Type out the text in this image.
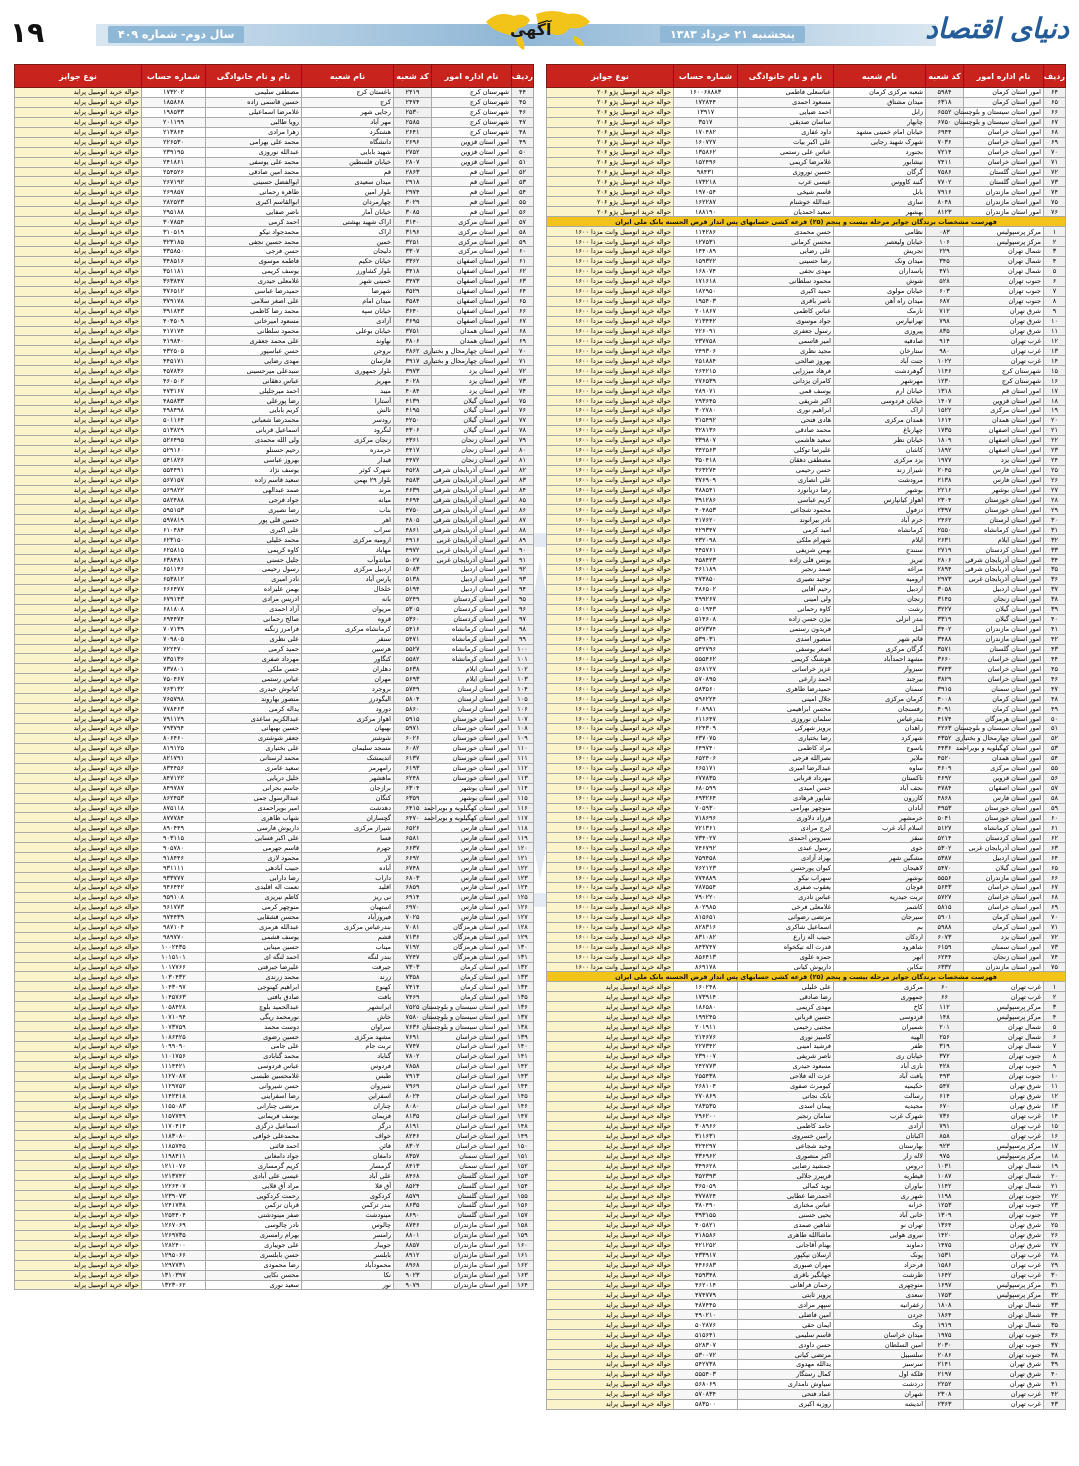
۱۹	سال دوم- شماره ۴۰۹	آگهی	پنجشنبه ۲۱ خرداد ۱۳۸۳	دنیای اقتصاد
ردیف	نام اداره امور	کد شعبه	نام شعبه	نام و نام خانوادگی	شماره حساب	نوع جوایز
۶۴	امور استان کرمان	۵۹۸۴	شعبه مرکزی کرمان	عباسعلی فاطمی	۱۶۰۰۶۸۸۸۳	حواله خرید اتومبیل پژو ۲۰۶
۶۵	امور استان کرمان	۶۳۱۸	میدان مشتاق	مسعود احمدی	۱۷۲۸۴۴	حواله خرید اتومبیل پژو ۲۰۶
۶۶	امور استان سیستان و بلوچستان	۶۵۵۲	زابل	احمد ضیایی	۱۳۹۱۷	حواله خرید اتومبیل پژو ۲۰۶
۶۷	امور استان سیستان و بلوچستان	۶۷۵۰	چابهار	ساسان صدیقی	۳۵۱۷	حواله خرید اتومبیل پژو ۲۰۶
۶۸	امور استان خراسان	۶۹۴۴	خیابان امام خمینی مشهد	داود غفاری	۱۷۰۴۸۲	حواله خرید اتومبیل پژو ۲۰۶
۶۹	امور استان خراسان	۷۰۳۶	شهرک شهید رجایی	علی اکبر بیات	۱۶۰۷۲۷	حواله خرید اتومبیل پژو ۲۰۶
۷۰	امور استان خراسان	۷۲۱۴	بجنورد	عباس علی رستمی	۱۳۵۸۶۲	حواله خرید اتومبیل پژو ۲۰۶
۷۱	امور استان خراسان	۷۴۱۱	نیشابور	غلامرضا کریمی	۱۵۲۴۹۶	حواله خرید اتومبیل پژو ۲۰۶
۷۲	امور استان گلستان	۷۵۸۶	گرگان	حسین نوروزی	۹۸۴۳۱	حواله خرید اتومبیل پژو ۲۰۶
۷۳	امور استان گلستان	۷۷۰۲	گنبد کاووس	عیسی عرب	۱۷۳۲۱۸	حواله خرید اتومبیل پژو ۲۰۶
۷۴	امور استان مازندران	۷۹۱۶	بابل	قاسم شیخی	۱۹۷۰۵۴	حواله خرید اتومبیل پژو ۲۰۶
۷۵	امور استان مازندران	۸۰۴۸	ساری	عبدالله خوشنام	۱۶۲۲۸۷	حواله خرید اتومبیل پژو ۲۰۶
۷۶	امور استان مازندران	۸۱۲۳	بهشهر	سعید احمدیان	۱۸۸۱۹۰	حواله خرید اتومبیل پژو ۲۰۶
فهرست مشخصات برندگان جوایز مرحله بیست و پنجم (۲۵) قرعه کشی حسابهای پس انداز قرض الحسنه بانک ملی ایران						
۱	مرکز پرسپولیس	۰۸۳	نظامی	حسن محمدی	۱۱۴۲۸۶	حواله خرید اتومبیل وانت مزدا ۱۶۰۰
۲	مرکز پرسپولیس	۱۰۶	خیابان ولیعصر	محسن کرمانی	۱۲۷۵۳۱	حواله خرید اتومبیل وانت مزدا ۱۶۰۰
۳	شمال تهران	۲۲۹	تجریش	علی رضایی	۱۴۴۰۸۹	حواله خرید اتومبیل وانت مزدا ۱۶۰۰
۴	شمال تهران	۳۴۵	میدان ونک	رضا حسینی	۱۵۹۳۲۲	حواله خرید اتومبیل وانت مزدا ۱۶۰۰
۵	شمال تهران	۴۷۱	پاسداران	مهدی نجفی	۱۶۸۰۷۴	حواله خرید اتومبیل وانت مزدا ۱۶۰۰
۶	جنوب تهران	۵۲۸	شوش	محمود سلطانی	۱۷۱۶۱۸	حواله خرید اتومبیل وانت مزدا ۱۶۰۰
۷	جنوب تهران	۶۰۳	خیابان مولوی	حمید اکبری	۱۸۲۹۵۰	حواله خرید اتومبیل وانت مزدا ۱۶۰۰
۸	جنوب تهران	۶۸۷	میدان راه آهن	ناصر باقری	۱۹۵۴۰۳	حواله خرید اتومبیل وانت مزدا ۱۶۰۰
۹	شرق تهران	۷۱۲	نارمک	عباس کاظمی	۲۰۱۸۶۷	حواله خرید اتومبیل وانت مزدا ۱۶۰۰
۱۰	شرق تهران	۷۹۸	تهرانپارس	جواد موسوی	۲۱۳۴۴۲	حواله خرید اتومبیل وانت مزدا ۱۶۰۰
۱۱	شرق تهران	۸۳۵	پیروزی	رسول جعفری	۲۲۶۰۹۱	حواله خرید اتومبیل وانت مزدا ۱۶۰۰
۱۲	غرب تهران	۹۱۴	صادقیه	امیر قاسمی	۲۳۷۷۵۸	حواله خرید اتومبیل وانت مزدا ۱۶۰۰
۱۳	غرب تهران	۹۸۰	ستارخان	مجید نظری	۲۴۹۳۰۶	حواله خرید اتومبیل وانت مزدا ۱۶۰۰
۱۴	غرب تهران	۱۰۲۲	جنت آباد	بهروز صالحی	۲۵۱۸۸۴	حواله خرید اتومبیل وانت مزدا ۱۶۰۰
۱۵	شهرستان کرج	۱۱۴۶	گوهردشت	فرهاد میرزایی	۲۶۴۲۱۵	حواله خرید اتومبیل وانت مزدا ۱۶۰۰
۱۶	شهرستان کرج	۱۲۳۰	مهرشهر	کامران یزدانی	۲۷۶۵۳۹	حواله خرید اتومبیل وانت مزدا ۱۶۰۰
۱۷	امور استان قم	۱۳۱۸	خیابان ارم	یوسف قمی	۲۸۹۰۷۱	حواله خرید اتومبیل وانت مزدا ۱۶۰۰
۱۸	امور استان قزوین	۱۴۰۷	خیابان فردوسی	اکبر شریفی	۲۹۳۶۴۵	حواله خرید اتومبیل وانت مزدا ۱۶۰۰
۱۹	امور استان مرکزی	۱۵۲۲	اراک	ابراهیم نوری	۳۰۲۷۸۰	حواله خرید اتومبیل وانت مزدا ۱۶۰۰
۲۰	امور استان همدان	۱۶۱۴	همدان مرکزی	هادی فتحی	۳۱۵۴۹۲	حواله خرید اتومبیل وانت مزدا ۱۶۰۰
۲۱	امور استان اصفهان	۱۷۳۵	چهارباغ	محمد صادقی	۳۲۸۱۳۶	حواله خرید اتومبیل وانت مزدا ۱۶۰۰
۲۲	امور استان اصفهان	۱۸۰۹	خیابان نظر	سعید هاشمی	۳۳۹۸۰۷	حواله خرید اتومبیل وانت مزدا ۱۶۰۰
۲۳	امور استان اصفهان	۱۸۹۲	کاشان	علیرضا توکلی	۳۴۲۵۶۳	حواله خرید اتومبیل وانت مزدا ۱۶۰۰
۲۴	امور استان یزد	۱۹۷۷	یزد مرکزی	مصطفی دهقان	۳۵۰۴۱۸	حواله خرید اتومبیل وانت مزدا ۱۶۰۰
۲۵	امور استان فارس	۲۰۴۵	شیراز زند	حسن رحیمی	۳۶۳۲۷۴	حواله خرید اتومبیل وانت مزدا ۱۶۰۰
۲۶	امور استان فارس	۲۱۳۸	مرودشت	علی انصاری	۳۷۶۹۰۹	حواله خرید اتومبیل وانت مزدا ۱۶۰۰
۲۷	امور استان بوشهر	۲۲۱۶	بوشهر	رضا دریانورد	۳۸۸۵۴۱	حواله خرید اتومبیل وانت مزدا ۱۶۰۰
۲۸	امور استان خوزستان	۲۳۰۴	اهواز کیانپارس	کریم عباسی	۳۹۱۲۸۶	حواله خرید اتومبیل وانت مزدا ۱۶۰۰
۲۹	امور استان خوزستان	۲۳۹۷	دزفول	محمود شجاعی	۴۰۴۸۵۳	حواله خرید اتومبیل وانت مزدا ۱۶۰۰
۳۰	امور استان لرستان	۲۴۶۲	خرم آباد	نادر بیرانوند	۴۱۷۶۲۰	حواله خرید اتومبیل وانت مزدا ۱۶۰۰
۳۱	امور استان کرمانشاه	۲۵۵۰	کرمانشاه	امید کرمی	۴۲۹۳۴۷	حواله خرید اتومبیل وانت مزدا ۱۶۰۰
۳۲	امور استان ایلام	۲۶۳۱	ایلام	شهرام ملکی	۴۳۲۰۹۸	حواله خرید اتومبیل وانت مزدا ۱۶۰۰
۳۳	امور استان کردستان	۲۷۱۹	سنندج	بهمن شریفی	۴۴۵۷۶۱	حواله خرید اتومبیل وانت مزدا ۱۶۰۰
۳۴	امور استان آذربایجان شرقی	۲۸۰۶	تبریز	یونس قلی زاده	۴۵۸۴۲۳	حواله خرید اتومبیل وانت مزدا ۱۶۰۰
۳۵	امور استان آذربایجان شرقی	۲۸۹۴	مراغه	صمد رنجبر	۴۶۱۱۸۹	حواله خرید اتومبیل وانت مزدا ۱۶۰۰
۳۶	امور استان آذربایجان غربی	۲۹۷۳	ارومیه	توحید نصیری	۴۷۳۸۵۰	حواله خرید اتومبیل وانت مزدا ۱۶۰۰
۳۷	امور استان اردبیل	۳۰۵۸	اردبیل	رحیم آقایی	۴۸۶۵۰۲	حواله خرید اتومبیل وانت مزدا ۱۶۰۰
۳۸	امور استان زنجان	۳۱۴۵	زنجان	ولی امینی	۴۹۹۲۶۷	حواله خرید اتومبیل وانت مزدا ۱۶۰۰
۳۹	امور استان گیلان	۳۲۲۷	رشت	کاوه رحمانی	۵۰۱۹۴۳	حواله خرید اتومبیل وانت مزدا ۱۶۰۰
۴۰	امور استان گیلان	۳۳۱۹	بندر انزلی	بیژن حسن زاده	۵۱۴۶۰۸	حواله خرید اتومبیل وانت مزدا ۱۶۰۰
۴۱	امور استان مازندران	۳۴۰۲	آمل	فریدون رستمی	۵۲۷۳۷۴	حواله خرید اتومبیل وانت مزدا ۱۶۰۰
۴۲	امور استان مازندران	۳۴۸۸	قائم شهر	منصور اسدی	۵۳۹۰۳۱	حواله خرید اتومبیل وانت مزدا ۱۶۰۰
۴۳	امور استان گلستان	۳۵۷۱	گرگان مرکزی	اصغر یوسفی	۵۴۲۷۹۶	حواله خرید اتومبیل وانت مزدا ۱۶۰۰
۴۴	امور استان خراسان	۳۶۶۰	مشهد احمدآباد	هوشنگ کریمی	۵۵۵۴۶۲	حواله خرید اتومبیل وانت مزدا ۱۶۰۰
۴۵	امور استان خراسان	۳۷۴۳	سبزوار	عزیز خراسانی	۵۶۸۱۲۷	حواله خرید اتومبیل وانت مزدا ۱۶۰۰
۴۶	امور استان خراسان	۳۸۲۹	بیرجند	احمد زارعی	۵۷۰۸۹۵	حواله خرید اتومبیل وانت مزدا ۱۶۰۰
۴۷	امور استان سمنان	۳۹۱۵	سمنان	حمیدرضا طاهری	۵۸۳۵۶۰	حواله خرید اتومبیل وانت مزدا ۱۶۰۰
۴۸	امور استان کرمان	۴۰۰۸	کرمان مرکزی	جلال امینی	۵۹۶۲۲۴	حواله خرید اتومبیل وانت مزدا ۱۶۰۰
۴۹	امور استان کرمان	۴۰۹۱	رفسنجان	محسن ابراهیمی	۶۰۸۹۸۱	حواله خرید اتومبیل وانت مزدا ۱۶۰۰
۵۰	امور استان هرمزگان	۴۱۷۴	بندرعباس	سلمان نوروزی	۶۱۱۶۴۷	حواله خرید اتومبیل وانت مزدا ۱۶۰۰
۵۱	امور استان سیستان و بلوچستان	۴۲۶۳	زاهدان	پرویز شهرکی	۶۲۴۳۰۹	حواله خرید اتومبیل وانت مزدا ۱۶۰۰
۵۲	امور استان چهارمحال و بختیاری	۴۳۵۲	شهرکرد	رضا بختیاری	۶۳۷۰۷۵	حواله خرید اتومبیل وانت مزدا ۱۶۰۰
۵۳	امور استان کهگیلویه و بویراحمد	۴۴۳۶	یاسوج	مراد کاظمی	۶۴۹۷۴۰	حواله خرید اتومبیل وانت مزدا ۱۶۰۰
۵۴	امور استان همدان	۴۵۲۰	ملایر	نصرالله فرجی	۶۵۲۴۰۶	حواله خرید اتومبیل وانت مزدا ۱۶۰۰
۵۵	امور استان مرکزی	۴۶۰۹	ساوه	عبدالرضا امیری	۶۶۵۱۷۱	حواله خرید اتومبیل وانت مزدا ۱۶۰۰
۵۶	امور استان قزوین	۴۶۹۲	تاکستان	مهرداد قربانی	۶۷۷۸۳۵	حواله خرید اتومبیل وانت مزدا ۱۶۰۰
۵۷	امور استان اصفهان	۴۷۸۴	نجف آباد	حسن امیدی	۶۸۰۵۹۹	حواله خرید اتومبیل وانت مزدا ۱۶۰۰
۵۸	امور استان فارس	۴۸۶۸	کازرون	شاپور فرهادی	۶۹۳۲۶۴	حواله خرید اتومبیل وانت مزدا ۱۶۰۰
۵۹	امور استان خوزستان	۴۹۵۳	آبادان	منوچهر بهرامی	۷۰۵۹۳۰	حواله خرید اتومبیل وانت مزدا ۱۶۰۰
۶۰	امور استان خوزستان	۵۰۴۱	خرمشهر	فرزاد دلاوری	۷۱۸۶۹۶	حواله خرید اتومبیل وانت مزدا ۱۶۰۰
۶۱	امور استان کرمانشاه	۵۱۲۷	اسلام آباد غرب	ایرج مرادی	۷۲۱۳۶۱	حواله خرید اتومبیل وانت مزدا ۱۶۰۰
۶۲	امور استان کردستان	۵۲۱۴	سقز	سیروس احمدی	۷۳۴۰۲۷	حواله خرید اتومبیل وانت مزدا ۱۶۰۰
۶۳	امور استان آذربایجان غربی	۵۳۰۲	خوی	رسول عبدی	۷۴۶۷۹۲	حواله خرید اتومبیل وانت مزدا ۱۶۰۰
۶۴	امور استان اردبیل	۵۳۸۷	مشگین شهر	بهزاد آزادی	۷۵۹۴۵۸	حواله خرید اتومبیل وانت مزدا ۱۶۰۰
۶۵	امور استان گیلان	۵۴۷۰	لاهیجان	کیوان پورحسن	۷۶۲۱۲۳	حواله خرید اتومبیل وانت مزدا ۱۶۰۰
۶۶	امور استان مازندران	۵۵۵۶	نوشهر	سهراب نیکو	۷۷۴۸۸۹	حواله خرید اتومبیل وانت مزدا ۱۶۰۰
۶۷	امور استان خراسان	۵۶۴۳	قوچان	یعقوب صفری	۷۸۷۵۵۴	حواله خرید اتومبیل وانت مزدا ۱۶۰۰
۶۸	امور استان خراسان	۵۷۲۷	تربت حیدریه	عباس نادری	۷۹۰۲۲۰	حواله خرید اتومبیل وانت مزدا ۱۶۰۰
۶۹	امور استان خراسان	۵۸۱۵	کاشمر	غلامعلی فرخی	۸۰۲۹۸۵	حواله خرید اتومبیل وانت مزدا ۱۶۰۰
۷۰	امور استان کرمان	۵۹۰۱	سیرجان	مرتضی رضوانی	۸۱۵۶۵۱	حواله خرید اتومبیل وانت مزدا ۱۶۰۰
۷۱	امور استان کرمان	۵۹۸۸	بم	اسماعیل شاکری	۸۲۸۳۱۶	حواله خرید اتومبیل وانت مزدا ۱۶۰۰
۷۲	امور استان یزد	۶۰۷۳	اردکان	حبیب اله زارع	۸۳۱۰۸۲	حواله خرید اتومبیل وانت مزدا ۱۶۰۰
۷۳	امور استان سمنان	۶۱۵۹	شاهرود	قدرت اله نیکخواه	۸۴۳۷۴۷	حواله خرید اتومبیل وانت مزدا ۱۶۰۰
۷۴	امور استان زنجان	۶۲۴۴	ابهر	حمزه علوی	۸۵۶۴۱۳	حواله خرید اتومبیل وانت مزدا ۱۶۰۰
۷۵	امور استان مازندران	۶۳۳۲	تنکابن	داریوش کیانی	۸۶۹۱۷۸	حواله خرید اتومبیل وانت مزدا ۱۶۰۰
فهرست مشخصات برندگان جوایز مرحله بیست و پنجم (۲۵) قرعه کشی حسابهای پس انداز قرض الحسنه بانک ملی ایران						
۱	غرب تهران	۶۰	مرکزی	علی خلیلی	۱۶۰۲۴۸	حواله خرید اتومبیل پراید
۲	غرب تهران	۶۶	جمهوری	رضا صادقی	۱۷۳۹۱۴	حواله خرید اتومبیل پراید
۳	مرکز پرسپولیس	۱۱۲	کاخ	مهدی کریمی	۱۸۶۵۸۰	حواله خرید اتومبیل پراید
۴	مرکز پرسپولیس	۱۴۸	فردوسی	حسین قربانی	۱۹۹۲۴۵	حواله خرید اتومبیل پراید
۵	شمال تهران	۲۰۱	شمیران	مجتبی رحیمی	۲۰۱۹۱۱	حواله خرید اتومبیل پراید
۶	شمال تهران	۲۵۶	الهیه	کامبیز نوری	۲۱۴۶۷۶	حواله خرید اتومبیل پراید
۷	شمال تهران	۳۱۹	ظفر	فرشید امینی	۲۲۷۳۴۲	حواله خرید اتومبیل پراید
۸	جنوب تهران	۳۷۲	خیابان ری	ناصر شریفی	۲۳۹۰۰۷	حواله خرید اتومبیل پراید
۹	جنوب تهران	۴۲۸	نازی آباد	مسعود حیدری	۲۴۲۷۷۳	حواله خرید اتومبیل پراید
۱۰	جنوب تهران	۴۹۳	یافت آباد	عزت اله فلاحی	۲۵۵۴۳۸	حواله خرید اتومبیل پراید
۱۱	شرق تهران	۵۴۷	حکیمیه	کیومرث صفوی	۲۶۸۱۰۴	حواله خرید اتومبیل پراید
۱۲	شرق تهران	۶۱۴	رسالت	بابک نجاتی	۲۷۰۸۶۹	حواله خرید اتومبیل پراید
۱۳	شرق تهران	۶۷۰	مجیدیه	پیمان اسدی	۲۸۳۵۳۵	حواله خرید اتومبیل پراید
۱۴	غرب تهران	۷۳۶	شهرک غرب	سامان رنجبر	۲۹۶۲۰۰	حواله خرید اتومبیل پراید
۱۵	غرب تهران	۷۹۱	آزادی	حامد کاظمی	۳۰۸۹۶۶	حواله خرید اتومبیل پراید
۱۶	غرب تهران	۸۵۸	اکباتان	رامین خسروی	۳۱۱۶۳۱	حواله خرید اتومبیل پراید
۱۷	مرکز پرسپولیس	۹۲۳	بهارستان	وحید شجاعی	۳۲۴۲۹۷	حواله خرید اتومبیل پراید
۱۸	مرکز پرسپولیس	۹۷۵	لاله زار	اکبر منصوری	۳۳۶۹۶۲	حواله خرید اتومبیل پراید
۱۹	شمال تهران	۱۰۳۱	دروس	جمشید رضایی	۳۴۹۶۲۸	حواله خرید اتومبیل پراید
۲۰	شمال تهران	۱۰۸۷	قیطریه	فریبرز جلالی	۳۵۲۳۹۳	حواله خرید اتومبیل پراید
۲۱	شمال تهران	۱۱۴۲	نیاوران	نوید کمالی	۳۶۵۰۵۹	حواله خرید اتومبیل پراید
۲۲	جنوب تهران	۱۱۹۸	شهر ری	احمدرضا عطایی	۳۷۷۸۲۴	حواله خرید اتومبیل پراید
۲۳	جنوب تهران	۱۲۵۳	خزانه	عباس مختاری	۳۸۰۴۹۰	حواله خرید اتومبیل پراید
۲۴	جنوب تهران	۱۳۰۹	خانی آباد	یحیی حسنی	۳۹۳۱۵۵	حواله خرید اتومبیل پراید
۲۵	شرق تهران	۱۳۶۴	تهران نو	شاهین صمدی	۴۰۵۸۲۱	حواله خرید اتومبیل پراید
۲۶	شرق تهران	۱۴۲۰	نیروی هوایی	ماشاالله طاهری	۴۱۸۵۸۶	حواله خرید اتومبیل پراید
۲۷	شرق تهران	۱۴۷۵	دماوند	بهنام آقاجانی	۴۲۱۲۵۲	حواله خرید اتومبیل پراید
۲۸	غرب تهران	۱۵۳۱	پونک	ارسلان نیکپور	۴۳۳۹۱۷	حواله خرید اتومبیل پراید
۲۹	غرب تهران	۱۵۸۶	فرحزاد	مهران صبوری	۴۴۶۶۸۳	حواله خرید اتومبیل پراید
۳۰	غرب تهران	۱۶۴۲	طرشت	جهانگیر باقری	۴۵۹۳۴۸	حواله خرید اتومبیل پراید
۳۱	مرکز پرسپولیس	۱۶۹۷	منوچهری	رحمان فراهانی	۴۶۲۰۱۴	حواله خرید اتومبیل پراید
۳۲	مرکز پرسپولیس	۱۷۵۳	سعدی	پرویز ثابتی	۴۷۴۷۷۹	حواله خرید اتومبیل پراید
۳۳	شمال تهران	۱۸۰۸	زعفرانیه	سپهر مرادی	۴۸۷۴۴۵	حواله خرید اتومبیل پراید
۳۴	شمال تهران	۱۸۶۴	جردن	امین فاضلی	۴۹۰۲۱۰	حواله خرید اتومبیل پراید
۳۵	شمال تهران	۱۹۱۹	ونک	ایمان حقی	۵۰۲۸۷۶	حواله خرید اتومبیل پراید
۳۶	جنوب تهران	۱۹۷۵	میدان خراسان	قاسم سلیمی	۵۱۵۶۴۱	حواله خرید اتومبیل پراید
۳۷	جنوب تهران	۲۰۳۰	امین السلطان	حسن داودی	۵۲۸۳۰۷	حواله خرید اتومبیل پراید
۳۸	جنوب تهران	۲۰۸۶	سلسبیل	مرتضی کیانی	۵۳۰۰۷۲	حواله خرید اتومبیل پراید
۳۹	شرق تهران	۲۱۴۱	سرسبز	یدالله مهدوی	۵۴۲۷۳۸	حواله خرید اتومبیل پراید
۴۰	شرق تهران	۲۱۹۷	فلکه اول	کمال رستگار	۵۵۵۴۰۳	حواله خرید اتومبیل پراید
۴۱	شرق تهران	۲۲۵۲	دردشت	سیاوش نامداری	۵۶۸۰۶۹	حواله خرید اتومبیل پراید
۴۲	غرب تهران	۲۳۰۸	شهران	عماد فتحی	۵۷۰۸۳۴	حواله خرید اتومبیل پراید
۴۳	غرب تهران	۲۳۶۳	اندیشه	روزبه اکبری	۵۸۳۵۰۰	حواله خرید اتومبیل پراید
ردیف	نام اداره امور	کد شعبه	نام شعبه	نام و نام خانوادگی	شماره حساب	نوع جوایز
۴۴	شهرستان کرج	۲۴۱۹	باغستان کرج	مصطفی سلیمی	۱۷۳۲۰۲	حواله خرید اتومبیل پراید
۴۵	شهرستان کرج	۲۴۷۴	کرج	حسین قاسمی زاده	۱۸۵۸۶۸	حواله خرید اتومبیل پراید
۴۶	شهرستان کرج	۲۵۳۰	رجایی شهر	غلامرضا اسماعیلی	۱۹۸۵۳۳	حواله خرید اتومبیل پراید
۴۷	شهرستان کرج	۲۵۸۵	مهر آباد	رویا طالبی	۲۰۱۱۹۹	حواله خرید اتومبیل پراید
۴۸	شهرستان کرج	۲۶۴۱	هشتگرد	زهرا مرادی	۲۱۳۸۶۴	حواله خرید اتومبیل پراید
۴۹	امور استان قزوین	۲۶۹۶	دانشگاه	محمد علی بهرامی	۲۲۶۵۳۰	حواله خرید اتومبیل پراید
۵۰	امور استان قزوین	۲۷۵۲	شهید بابایی	عبدالله نوروزی	۲۳۹۱۹۵	حواله خرید اتومبیل پراید
۵۱	امور استان قزوین	۲۸۰۷	خیابان فلسطین	محمد علی یوسفی	۲۴۱۸۶۱	حواله خرید اتومبیل پراید
۵۲	امور استان قم	۲۸۶۳	قم	محمد امین صادقی	۲۵۴۵۲۶	حواله خرید اتومبیل پراید
۵۳	امور استان قم	۲۹۱۸	میدان سعیدی	ابوالفضل حسینی	۲۶۷۱۹۲	حواله خرید اتومبیل پراید
۵۴	امور استان قم	۲۹۷۴	بلوار امین	طاهره رحمانی	۲۶۹۸۵۷	حواله خرید اتومبیل پراید
۵۵	امور استان قم	۳۰۲۹	چهارمردان	ابوالقاسم اکبری	۲۸۲۵۲۳	حواله خرید اتومبیل پراید
۵۶	امور استان قم	۳۰۸۵	خیابان آمار	ناصر صفایی	۲۹۵۱۸۸	حواله خرید اتومبیل پراید
۵۷	امور استان مرکزی	۳۱۴۰	اراک شهید بهشتی	احمد کرمی	۳۰۷۸۵۴	حواله خرید اتومبیل پراید
۵۸	امور استان مرکزی	۳۱۹۶	اراک	محمدجواد نیکو	۳۱۰۵۱۹	حواله خرید اتومبیل پراید
۵۹	امور استان مرکزی	۳۲۵۱	خمین	محمد حسین نجفی	۳۲۳۱۸۵	حواله خرید اتومبیل پراید
۶۰	امور استان مرکزی	۳۳۰۷	دلیجان	حسن فرجی	۳۳۵۸۵۰	حواله خرید اتومبیل پراید
۶۱	امور استان اصفهان	۳۳۶۲	خیابان حکیم	فاطمه موسوی	۳۴۸۵۱۶	حواله خرید اتومبیل پراید
۶۲	امور استان اصفهان	۳۴۱۸	بلوار کشاورز	یوسف کریمی	۳۵۱۱۸۱	حواله خرید اتومبیل پراید
۶۳	امور استان اصفهان	۳۴۷۳	خمینی شهر	غلامعلی حیدری	۳۶۳۸۴۷	حواله خرید اتومبیل پراید
۶۴	امور استان اصفهان	۳۵۲۹	شهرضا	حمیدرضا عباسی	۳۷۶۵۱۲	حواله خرید اتومبیل پراید
۶۵	امور استان اصفهان	۳۵۸۴	میدان امام	علی اصغر سلامی	۳۷۹۱۷۸	حواله خرید اتومبیل پراید
۶۶	امور استان اصفهان	۳۶۴۰	خیابان سپه	محمد رضا کاظمی	۳۹۱۸۴۳	حواله خرید اتومبیل پراید
۶۷	امور استان اصفهان	۳۶۹۵	آزادی	مسعود امیرخانی	۴۰۴۵۰۹	حواله خرید اتومبیل پراید
۶۸	امور استان همدان	۳۷۵۱	خیابان بوعلی	محمود سلطانی	۴۱۷۱۷۴	حواله خرید اتومبیل پراید
۶۹	امور استان همدان	۳۸۰۶	نهاوند	علی محمد جعفری	۴۱۹۸۴۰	حواله خرید اتومبیل پراید
۷۰	امور استان چهارمحال و بختیاری	۳۸۶۲	بروجن	حسن عباسپور	۴۳۲۵۰۵	حواله خرید اتومبیل پراید
۷۱	امور استان چهارمحال و بختیاری	۳۹۱۷	فارسان	مهدی رضایی	۴۴۵۱۷۱	حواله خرید اتومبیل پراید
۷۲	امور استان یزد	۳۹۷۳	بلوار جمهوری	سیدعلی میرحسینی	۴۵۷۸۳۶	حواله خرید اتومبیل پراید
۷۳	امور استان یزد	۴۰۲۸	مهریز	عباس دهقانی	۴۶۰۵۰۲	حواله خرید اتومبیل پراید
۷۴	امور استان یزد	۴۰۸۴	میبد	احمد میرجلیلی	۴۷۳۱۶۷	حواله خرید اتومبیل پراید
۷۵	امور استان گیلان	۴۱۳۹	آستارا	رضا پورعلی	۴۸۵۸۳۳	حواله خرید اتومبیل پراید
۷۶	امور استان گیلان	۴۱۹۵	تالش	کریم بابایی	۴۹۸۴۹۸	حواله خرید اتومبیل پراید
۷۷	امور استان گیلان	۴۲۵۰	رودسر	محمدرضا شعبانی	۵۰۱۱۶۴	حواله خرید اتومبیل پراید
۷۸	امور استان گیلان	۴۳۰۶	لنگرود	اسماعیل قربانی	۵۱۳۸۲۹	حواله خرید اتومبیل پراید
۷۹	امور استان زنجان	۴۳۶۱	زنجان مرکزی	ولی الله محمدی	۵۲۶۴۹۵	حواله خرید اتومبیل پراید
۸۰	امور استان زنجان	۴۴۱۷	خرمدره	رحیم حسنلو	۵۲۹۱۶۰	حواله خرید اتومبیل پراید
۸۱	امور استان زنجان	۴۴۷۲	قیدار	بهروز عباسی	۵۴۱۸۲۶	حواله خرید اتومبیل پراید
۸۲	امور استان آذربایجان شرقی	۴۵۲۸	شهرک کوثر	یوسف نژاد	۵۵۴۴۹۱	حواله خرید اتومبیل پراید
۸۳	امور استان آذربایجان شرقی	۴۵۸۳	بلوار ۲۹ بهمن	سعید قاسم زاده	۵۶۷۱۵۷	حواله خرید اتومبیل پراید
۸۴	امور استان آذربایجان شرقی	۴۶۳۹	مرند	صمد عبدالهی	۵۶۹۸۲۲	حواله خرید اتومبیل پراید
۸۵	امور استان آذربایجان شرقی	۴۶۹۴	میانه	جواد فرجی	۵۸۲۴۸۸	حواله خرید اتومبیل پراید
۸۶	امور استان آذربایجان شرقی	۴۷۵۰	بناب	رضا نصیری	۵۹۵۱۵۳	حواله خرید اتومبیل پراید
۸۷	امور استان آذربایجان شرقی	۴۸۰۵	اهر	حسین قلی پور	۵۹۷۸۱۹	حواله خرید اتومبیل پراید
۸۸	امور استان آذربایجان شرقی	۴۸۶۱	سراب	علی اکبری	۶۱۰۴۸۴	حواله خرید اتومبیل پراید
۸۹	امور استان آذربایجان غربی	۴۹۱۶	ارومیه مرکزی	محمد خلیلی	۶۲۳۱۵۰	حواله خرید اتومبیل پراید
۹۰	امور استان آذربایجان غربی	۴۹۷۲	مهاباد	کاوه کریمی	۶۲۵۸۱۵	حواله خرید اتومبیل پراید
۹۱	امور استان آذربایجان غربی	۵۰۲۷	میاندوآب	جلیل حسنی	۶۳۸۴۸۱	حواله خرید اتومبیل پراید
۹۲	امور استان اردبیل	۵۰۸۳	اردبیل مرکزی	رسول رحیمی	۶۵۱۱۴۶	حواله خرید اتومبیل پراید
۹۳	امور استان اردبیل	۵۱۳۸	پارس آباد	نادر امیری	۶۵۳۸۱۲	حواله خرید اتومبیل پراید
۹۴	امور استان اردبیل	۵۱۹۴	خلخال	بهمن علیزاده	۶۶۶۴۷۷	حواله خرید اتومبیل پراید
۹۵	امور استان کردستان	۵۲۴۹	بانه	ادریس مرادی	۶۷۹۱۴۳	حواله خرید اتومبیل پراید
۹۶	امور استان کردستان	۵۳۰۵	مریوان	آزاد احمدی	۶۸۱۸۰۸	حواله خرید اتومبیل پراید
۹۷	امور استان کردستان	۵۳۶۰	قروه	صالح رحمانی	۶۹۴۴۷۴	حواله خرید اتومبیل پراید
۹۸	امور استان کرمانشاه	۵۴۱۶	کرمانشاه مرکزی	فرامرز زنگنه	۷۰۷۱۳۹	حواله خرید اتومبیل پراید
۹۹	امور استان کرمانشاه	۵۴۷۱	سنقر	علی نظری	۷۰۹۸۰۵	حواله خرید اتومبیل پراید
۱۰۰	امور استان کرمانشاه	۵۵۲۷	هرسین	حمید کرمی	۷۲۲۴۷۰	حواله خرید اتومبیل پراید
۱۰۱	امور استان کرمانشاه	۵۵۸۲	کنگاور	مهرداد صفری	۷۳۵۱۳۶	حواله خرید اتومبیل پراید
۱۰۲	امور استان ایلام	۵۶۳۸	دهلران	حسن ملکی	۷۳۷۸۰۱	حواله خرید اتومبیل پراید
۱۰۳	امور استان ایلام	۵۶۹۳	مهران	عباس رستمی	۷۵۰۴۶۷	حواله خرید اتومبیل پراید
۱۰۴	امور استان لرستان	۵۷۴۹	بروجرد	کیانوش حیدری	۷۶۳۱۳۲	حواله خرید اتومبیل پراید
۱۰۵	امور استان لرستان	۵۸۰۴	الیگودرز	منصور بهاروند	۷۶۵۷۹۸	حواله خرید اتومبیل پراید
۱۰۶	امور استان لرستان	۵۸۶۰	دورود	یداله کرمی	۷۷۸۴۶۳	حواله خرید اتومبیل پراید
۱۰۷	امور استان خوزستان	۵۹۱۵	اهواز مرکزی	عبدالکریم ساعدی	۷۹۱۱۲۹	حواله خرید اتومبیل پراید
۱۰۸	امور استان خوزستان	۵۹۷۱	بهبهان	حسین بهبهانی	۷۹۳۷۹۴	حواله خرید اتومبیل پراید
۱۰۹	امور استان خوزستان	۶۰۲۶	شوشتر	جعفر شوشتری	۸۰۶۴۶۰	حواله خرید اتومبیل پراید
۱۱۰	امور استان خوزستان	۶۰۸۲	مسجد سلیمان	علی بختیاری	۸۱۹۱۲۵	حواله خرید اتومبیل پراید
۱۱۱	امور استان خوزستان	۶۱۳۷	اندیمشک	محمد لرستانی	۸۲۱۷۹۱	حواله خرید اتومبیل پراید
۱۱۲	امور استان خوزستان	۶۱۹۳	رامهرمز	سعید عامری	۸۳۴۴۵۶	حواله خرید اتومبیل پراید
۱۱۳	امور استان خوزستان	۶۲۴۸	ماهشهر	خلیل دریایی	۸۴۷۱۲۲	حواله خرید اتومبیل پراید
۱۱۴	امور استان بوشهر	۶۳۰۴	برازجان	جاسم بحرانی	۸۴۹۷۸۷	حواله خرید اتومبیل پراید
۱۱۵	امور استان بوشهر	۶۳۵۹	کنگان	عبدالرسول جمی	۸۶۲۴۵۳	حواله خرید اتومبیل پراید
۱۱۶	امور استان کهگیلویه و بویراحمد	۶۴۱۵	دهدشت	امیر بویراحمدی	۸۷۵۱۱۸	حواله خرید اتومبیل پراید
۱۱۷	امور استان کهگیلویه و بویراحمد	۶۴۷۰	گچساران	شهاب طاهری	۸۷۷۷۸۴	حواله خرید اتومبیل پراید
۱۱۸	امور استان فارس	۶۵۲۶	شیراز مرکزی	داریوش فارسی	۸۹۰۴۴۹	حواله خرید اتومبیل پراید
۱۱۹	امور استان فارس	۶۵۸۱	فسا	علی اکبر فسایی	۹۰۳۱۱۵	حواله خرید اتومبیل پراید
۱۲۰	امور استان فارس	۶۶۳۷	جهرم	قاسم جهرمی	۹۰۵۷۸۰	حواله خرید اتومبیل پراید
۱۲۱	امور استان فارس	۶۶۹۲	لار	محمود لاری	۹۱۸۴۴۶	حواله خرید اتومبیل پراید
۱۲۲	امور استان فارس	۶۷۴۸	آباده	حبیب آبادهی	۹۳۱۱۱۱	حواله خرید اتومبیل پراید
۱۲۳	امور استان فارس	۶۸۰۳	داراب	رضا دارابی	۹۳۳۷۷۷	حواله خرید اتومبیل پراید
۱۲۴	امور استان فارس	۶۸۵۹	اقلید	نعمت اله اقلیدی	۹۴۶۴۴۲	حواله خرید اتومبیل پراید
۱۲۵	امور استان فارس	۶۹۱۴	نی ریز	کاظم نیریزی	۹۵۹۱۰۸	حواله خرید اتومبیل پراید
۱۲۶	امور استان فارس	۶۹۷۰	استهبان	منوچهر کرمی	۹۶۱۷۷۳	حواله خرید اتومبیل پراید
۱۲۷	امور استان فارس	۷۰۲۵	فیروزآباد	محسن قشقایی	۹۷۴۴۳۹	حواله خرید اتومبیل پراید
۱۲۸	امور استان هرمزگان	۷۰۸۱	بندرعباس مرکزی	عبدالله هرمزی	۹۸۷۱۰۴	حواله خرید اتومبیل پراید
۱۲۹	امور استان هرمزگان	۷۱۳۶	قشم	یوسف قشمی	۹۸۹۷۷۰	حواله خرید اتومبیل پراید
۱۳۰	امور استان هرمزگان	۷۱۹۲	میناب	حسین مینابی	۱۰۰۲۴۳۵	حواله خرید اتومبیل پراید
۱۳۱	امور استان هرمزگان	۷۲۴۷	بندر لنگه	احمد لنگه ای	۱۰۱۵۱۰۱	حواله خرید اتومبیل پراید
۱۳۲	امور استان کرمان	۷۳۰۳	جیرفت	علیرضا جیرفتی	۱۰۱۷۷۶۶	حواله خرید اتومبیل پراید
۱۳۳	امور استان کرمان	۷۳۵۸	زرند	محمد زرندی	۱۰۳۰۴۳۲	حواله خرید اتومبیل پراید
۱۳۴	امور استان کرمان	۷۴۱۴	کهنوج	ابراهیم کهنوجی	۱۰۴۳۰۹۷	حواله خرید اتومبیل پراید
۱۳۵	امور استان کرمان	۷۴۶۹	بافت	صادق بافتی	۱۰۴۵۷۶۳	حواله خرید اتومبیل پراید
۱۳۶	امور استان سیستان و بلوچستان	۷۵۲۵	ایرانشهر	عبدالحمید بلوچ	۱۰۵۸۴۲۸	حواله خرید اتومبیل پراید
۱۳۷	امور استان سیستان و بلوچستان	۷۵۸۰	خاش	نورمحمد ریگی	۱۰۷۱۰۹۴	حواله خرید اتومبیل پراید
۱۳۸	امور استان سیستان و بلوچستان	۷۶۳۶	سراوان	دوست محمد	۱۰۷۳۷۵۹	حواله خرید اتومبیل پراید
۱۳۹	امور استان خراسان	۷۶۹۱	مشهد مرکزی	حسین رضوی	۱۰۸۶۴۲۵	حواله خرید اتومبیل پراید
۱۴۰	امور استان خراسان	۷۷۴۷	تربت جام	علی جامی	۱۰۹۹۰۹۰	حواله خرید اتومبیل پراید
۱۴۱	امور استان خراسان	۷۸۰۲	گناباد	محمد گنابادی	۱۱۰۱۷۵۶	حواله خرید اتومبیل پراید
۱۴۲	امور استان خراسان	۷۸۵۸	فردوس	عباس فردوسی	۱۱۱۴۴۲۱	حواله خرید اتومبیل پراید
۱۴۳	امور استان خراسان	۷۹۱۳	طبس	غلامحسین طبسی	۱۱۲۷۰۸۷	حواله خرید اتومبیل پراید
۱۴۴	امور استان خراسان	۷۹۶۹	شیروان	حسن شیروانی	۱۱۲۹۷۵۲	حواله خرید اتومبیل پراید
۱۴۵	امور استان خراسان	۸۰۲۴	اسفراین	رضا اسفراینی	۱۱۴۲۴۱۸	حواله خرید اتومبیل پراید
۱۴۶	امور استان خراسان	۸۰۸۰	چناران	مرتضی چنارانی	۱۱۵۵۰۸۳	حواله خرید اتومبیل پراید
۱۴۷	امور استان خراسان	۸۱۳۵	فریمان	یوسف فریمانی	۱۱۵۷۷۴۹	حواله خرید اتومبیل پراید
۱۴۸	امور استان خراسان	۸۱۹۱	درگز	اسماعیل درگزی	۱۱۷۰۴۱۴	حواله خرید اتومبیل پراید
۱۴۹	امور استان خراسان	۸۲۴۶	خواف	محمدعلی خوافی	۱۱۸۳۰۸۰	حواله خرید اتومبیل پراید
۱۵۰	امور استان خراسان	۸۳۰۲	قائن	احمد قائنی	۱۱۸۵۷۴۵	حواله خرید اتومبیل پراید
۱۵۱	امور استان سمنان	۸۳۵۷	دامغان	جواد دامغانی	۱۱۹۸۴۱۱	حواله خرید اتومبیل پراید
۱۵۲	امور استان سمنان	۸۴۱۳	گرمسار	کریم گرمساری	۱۲۱۱۰۷۶	حواله خرید اتومبیل پراید
۱۵۳	امور استان گلستان	۸۴۶۸	علی آباد	عیسی علی آبادی	۱۲۱۳۷۴۲	حواله خرید اتومبیل پراید
۱۵۴	امور استان گلستان	۸۵۲۴	آق قلا	مراد آق قلایی	۱۲۲۶۴۰۷	حواله خرید اتومبیل پراید
۱۵۵	امور استان گلستان	۸۵۷۹	کردکوی	رحمت کردکویی	۱۲۳۹۰۷۳	حواله خرید اتومبیل پراید
۱۵۶	امور استان گلستان	۸۶۳۵	بندر ترکمن	قربان ترکمن	۱۲۴۱۷۳۸	حواله خرید اتومبیل پراید
۱۵۷	امور استان گلستان	۸۶۹۰	مینودشت	صفر مینودشتی	۱۲۵۴۴۰۴	حواله خرید اتومبیل پراید
۱۵۸	امور استان مازندران	۸۷۴۶	چالوس	نادر چالوسی	۱۲۶۷۰۶۹	حواله خرید اتومبیل پراید
۱۵۹	امور استان مازندران	۸۸۰۱	رامسر	بهرام رامسری	۱۲۶۹۷۳۵	حواله خرید اتومبیل پراید
۱۶۰	امور استان مازندران	۸۸۵۷	جویبار	علی جویباری	۱۲۸۲۴۰۰	حواله خرید اتومبیل پراید
۱۶۱	امور استان مازندران	۸۹۱۲	بابلسر	حسن بابلسری	۱۲۹۵۰۶۶	حواله خرید اتومبیل پراید
۱۶۲	امور استان مازندران	۸۹۶۸	محمودآباد	رضا محمودی	۱۲۹۷۷۳۱	حواله خرید اتومبیل پراید
۱۶۳	امور استان مازندران	۹۰۲۳	نکا	محسن نکایی	۱۳۱۰۳۹۷	حواله خرید اتومبیل پراید
۱۶۴	امور استان مازندران	۹۰۷۹	نور	سعید نوری	۱۳۲۳۰۶۲	حواله خرید اتومبیل پراید
